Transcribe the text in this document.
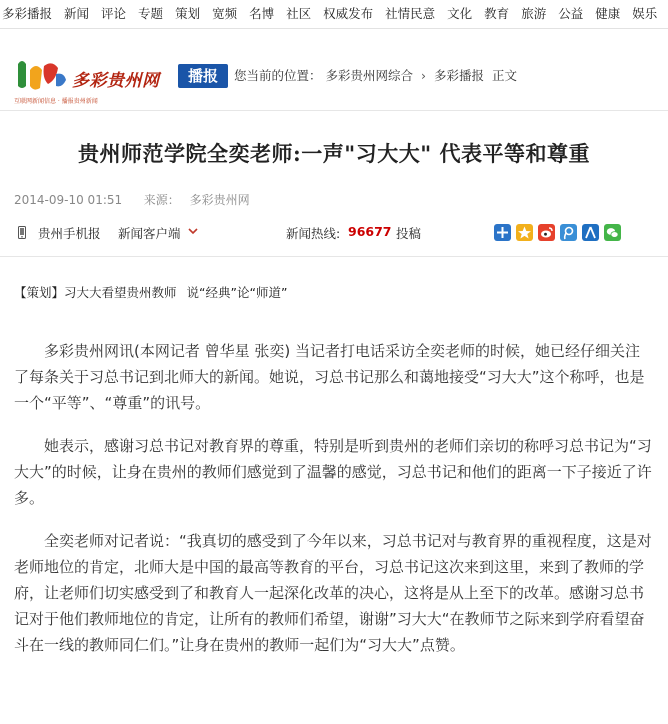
多彩播报 新闻 评论 专题 策划 宽频 名博 社区 权威发布 社情民意 文化 教育 旅游 公益 健康 娱乐
多彩贵州网	播报
互联网新闻信息 · 播报贵州新闻
您当前的位置： 多彩贵州网综合 › 多彩播报 正文
贵州师范学院全奕老师:一声"习大大" 代表平等和尊重
2014-09-10 01:51 来源： 多彩贵州网
贵州手机报 新闻客户端	新闻热线: 96677 投稿
【策划】习大大看望贵州教师 说“经典”论“师道”

多彩贵州网讯(本网记者 曾华星 张奕) 当记者打电话采访全奕老师的时候，她已经仔细关注了每条关于习总书记到北师大的新闻。她说，习总书记那么和蔼地接受“习大大”这个称呼，也是一个“平等”、“尊重”的讯号。

她表示，感谢习总书记对教育界的尊重，特别是听到贵州的老师们亲切的称呼习总书记为“习大大”的时候，让身在贵州的教师们感觉到了温馨的感觉，习总书记和他们的距离一下子接近了许多。

全奕老师对记者说：“我真切的感受到了今年以来，习总书记对与教育界的重视程度，这是对老师地位的肯定，北师大是中国的最高等教育的平台，习总书记这次来到这里，来到了教师的学府，让老师们切实感受到了和教育人一起深化改革的决心，这将是从上至下的改革。感谢习总书记对于他们教师地位的肯定，让所有的教师们希望，谢谢”习大大“在教师节之际来到学府看望奋斗在一线的教师同仁们。”让身在贵州的教师一起们为“习大大”点赞。
